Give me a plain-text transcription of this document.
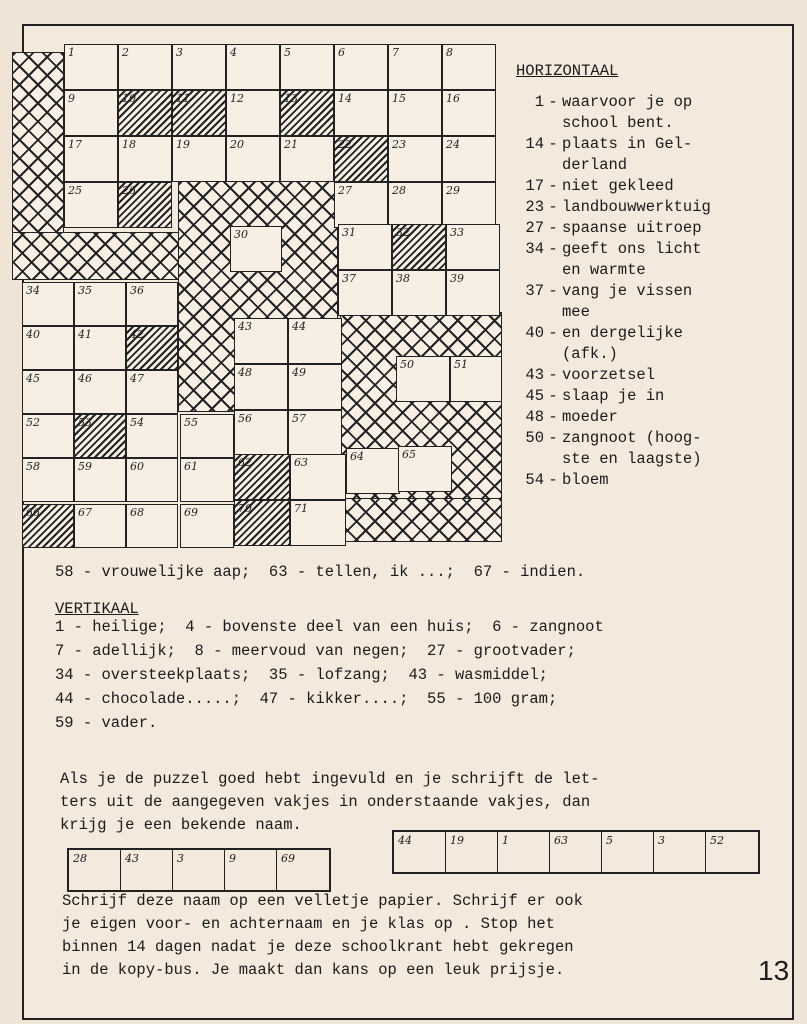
1	2	3	4	5	6	7	8
9	10	11	12	13	14	15	16
17	18	19	20	21	22	23	24
25	26	27	28	29
30	31	32	33
37	38	39
34	35	36
40	41	42
45	46	47
52	53	54
58	59	60
66	67	68
55
61
69
43	44
48	49
56	57
62	63
70	71
64	65
50	51
HORIZONTAAL
1 - waarvoor je op
school bent.
14 - plaats in Gel-
derland
17 - niet gekleed
23 - landbouwwerktuig
27 - spaanse uitroep
34 - geeft ons licht
en warmte
37 - vang je vissen
mee
40 - en dergelijke
(afk.)
43 - voorzetsel
45 - slaap je in
48 - moeder
50 - zangnoot (hoog-
ste en laagste)
54 - bloem
58 - vrouwelijke aap;  63 - tellen, ik ...;  67 - indien.
VERTIKAAL
1 - heilige;  4 - bovenste deel van een huis;  6 - zangnoot
7 - adellijk;  8 - meervoud van negen;  27 - grootvader;
34 - oversteekplaats;  35 - lofzang;  43 - wasmiddel;
44 - chocolade.....;  47 - kikker....;  55 - 100 gram;
59 - vader.
Als je de puzzel goed hebt ingevuld en je schrijft de let-
ters uit de aangegeven vakjes in onderstaande vakjes, dan
krijg je een bekende naam.
28	43	3	9	69
44	19	1	63	5	3	52
Schrijf deze naam op een velletje papier. Schrijf er ook
je eigen voor- en achternaam en je klas op . Stop het
binnen 14 dagen nadat je deze schoolkrant hebt gekregen
in de kopy-bus. Je maakt dan kans op een leuk prijsje.	13
